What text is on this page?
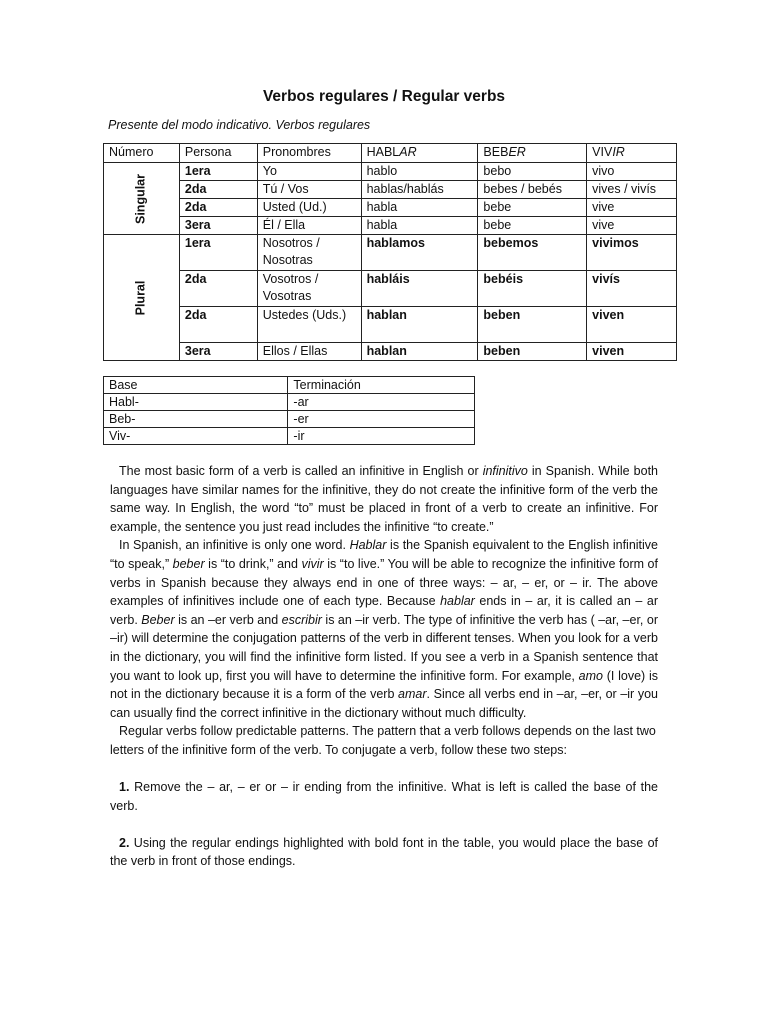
Verbos regulares / Regular verbs
Presente del modo indicativo. Verbos regulares
Número	Persona	Pronombres	HABLAR	BEBER	VIVIR

Singular	1era	Yo	hablo	bebo	vivo
	2da	Tú / Vos	hablas/hablás	bebes / bebés	vives / vivís
	2da	Usted (Ud.)	habla	bebe	vive
	3era	Él / Ella	habla	bebe	vive

Plural	1era	Nosotros / Nosotras	hablamos	bebemos	vivimos
	2da	Vosotros / Vosotras	habláis	bebéis	vivís
	2da	Ustedes (Uds.)	hablan	beben	viven
	3era	Ellos / Ellas	hablan	beben	viven
Base	Terminación
Habl-	-ar
Beb-	-er
Viv-	-ir

The most basic form of a verb is called an infinitive in English or infinitivo in Spanish. While both languages have similar names for the infinitive, they do not create the infinitive form of the verb the same way. In English, the word “to” must be placed in front of a verb to create an infinitive. For example, the sentence you just read includes the infinitive “to create.”

In Spanish, an infinitive is only one word. Hablar is the Spanish equivalent to the English infinitive “to speak,” beber is “to drink,” and vivir is “to live.” You will be able to recognize the infinitive form of verbs in Spanish because they always end in one of three ways: – ar, – er, or – ir. The above examples of infinitives include one of each type. Because hablar ends in – ar, it is called an – ar verb. Beber is an –er verb and escribir is an –ir verb. The type of infinitive the verb has ( –ar, –er, or –ir) will determine the conjugation patterns of the verb in different tenses. When you look for a verb in the dictionary, you will find the infinitive form listed. If you see a verb in a Spanish sentence that you want to look up, first you will have to determine the infinitive form. For example, amo (I love) is not in the dictionary because it is a form of the verb amar. Since all verbs end in –ar, –er, or –ir you can usually find the correct infinitive in the dictionary without much difficulty.

Regular verbs follow predictable patterns. The pattern that a verb follows depends on the last two letters of the infinitive form of the verb. To conjugate a verb, follow these two steps:

1. Remove the – ar, – er or – ir ending from the infinitive. What is left is called the base of the verb.

2. Using the regular endings highlighted with bold font in the table, you would place the base of the verb in front of those endings.
